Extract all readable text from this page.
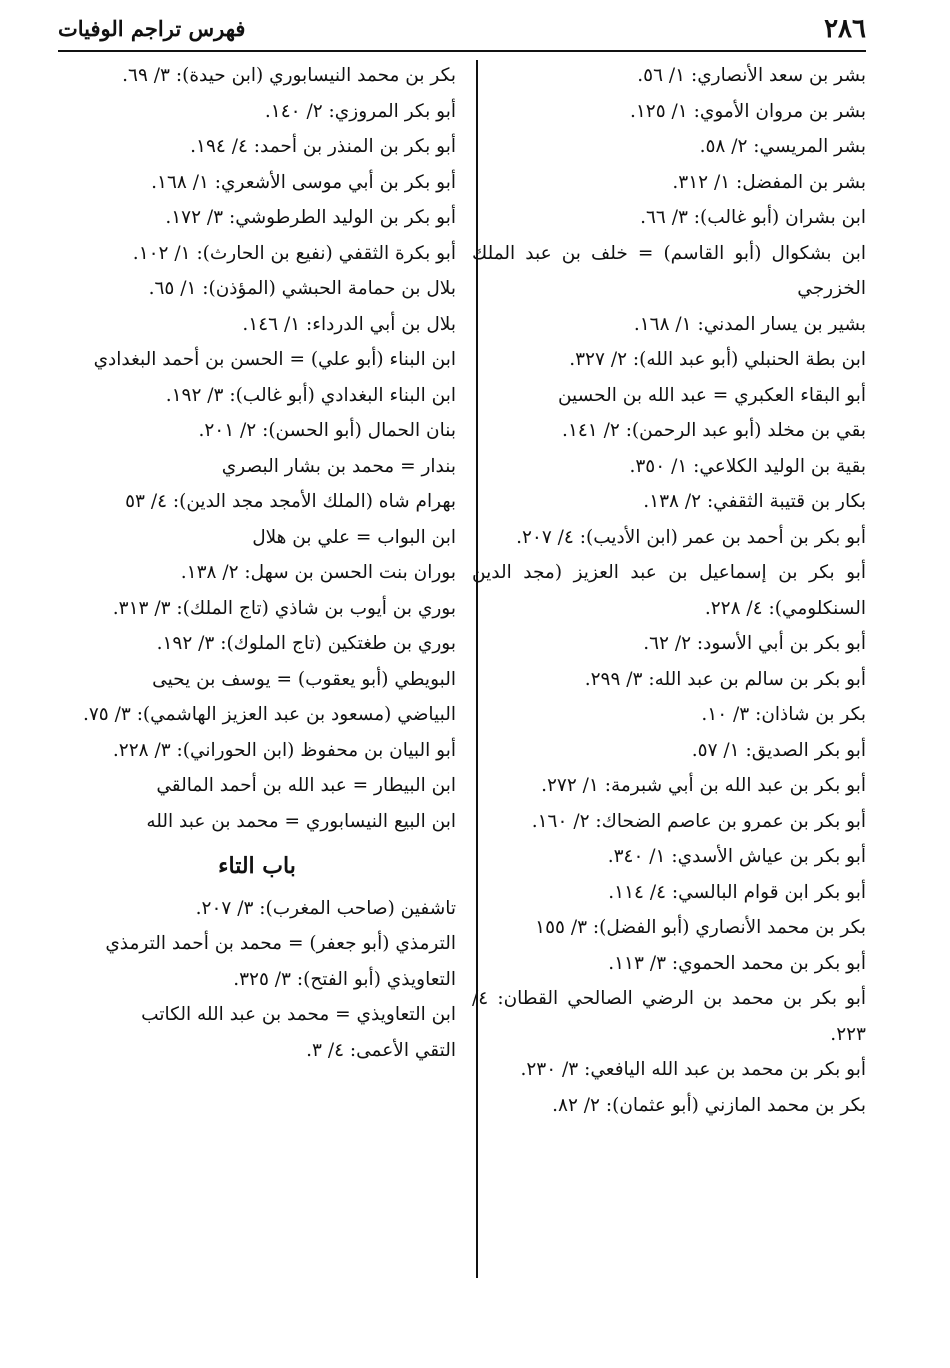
٢٨٦
فهرس تراجم الوفيات

بشر بن سعد الأنصاري: ١/ ٥٦.

بشر بن مروان الأموي: ١/ ١٢٥.

بشر المريسي: ٢/ ٥٨.

بشر بن المفضل: ١/ ٣١٢.

ابن بشران (أبو غالب): ٣/ ٦٦.

ابن بشكوال (أبو القاسم) = خلف بن عبد الملك الخزرجي

بشير بن يسار المدني: ١/ ١٦٨.

ابن بطة الحنبلي (أبو عبد الله): ٢/ ٣٢٧.

أبو البقاء العكبري = عبد الله بن الحسين

بقي بن مخلد (أبو عبد الرحمن): ٢/ ١٤١.

بقية بن الوليد الكلاعي: ١/ ٣٥٠.

بكار بن قتيبة الثقفي: ٢/ ١٣٨.

أبو بكر بن أحمد بن عمر (ابن الأديب): ٤/ ٢٠٧.

أبو بكر بن إسماعيل بن عبد العزيز (مجد الدين السنكلومي): ٤/ ٢٢٨.

أبو بكر بن أبي الأسود: ٢/ ٦٢.

أبو بكر بن سالم بن عبد الله: ٣/ ٢٩٩.

بكر بن شاذان: ٣/ ١٠.

أبو بكر الصديق: ١/ ٥٧.

أبو بكر بن عبد الله بن أبي شبرمة: ١/ ٢٧٢.

أبو بكر بن عمرو بن عاصم الضحاك: ٢/ ١٦٠.

أبو بكر بن عياش الأسدي: ١/ ٣٤٠.

أبو بكر ابن قوام البالسي: ٤/ ١١٤.

بكر بن محمد الأنصاري (أبو الفضل): ٣/ ١٥٥

أبو بكر بن محمد الحموي: ٣/ ١١٣.

أبو بكر بن محمد بن الرضي الصالحي القطان: ٤/ ٢٢٣.

أبو بكر بن محمد بن عبد الله اليافعي: ٣/ ٢٣٠.

بكر بن محمد المازني (أبو عثمان): ٢/ ٨٢.

بكر بن محمد النيسابوري (ابن حيدة): ٣/ ٦٩.

أبو بكر المروزي: ٢/ ١٤٠.

أبو بكر بن المنذر بن أحمد: ٤/ ١٩٤.

أبو بكر بن أبي موسى الأشعري: ١/ ١٦٨.

أبو بكر بن الوليد الطرطوشي: ٣/ ١٧٢.

أبو بكرة الثقفي (نفيع بن الحارث): ١/ ١٠٢.

بلال بن حمامة الحبشي (المؤذن): ١/ ٦٥.

بلال بن أبي الدرداء: ١/ ١٤٦.

ابن البناء (أبو علي) = الحسن بن أحمد البغدادي

ابن البناء البغدادي (أبو غالب): ٣/ ١٩٢.

بنان الحمال (أبو الحسن): ٢/ ٢٠١.

بندار = محمد بن بشار البصري

بهرام شاه (الملك الأمجد مجد الدين): ٤/ ٥٣

ابن البواب = علي بن هلال

بوران بنت الحسن بن سهل: ٢/ ١٣٨.

بوري بن أيوب بن شاذي (تاج الملك): ٣/ ٣١٣.

بوري بن طغتكين (تاج الملوك): ٣/ ١٩٢.

البويطي (أبو يعقوب) = يوسف بن يحيى

البياضي (مسعود بن عبد العزيز الهاشمي): ٣/ ٧٥.

أبو البيان بن محفوظ (ابن الحوراني): ٣/ ٢٢٨.

ابن البيطار = عبد الله بن أحمد المالقي

ابن البيع النيسابوري = محمد بن عبد الله

باب التاء

تاشفين (صاحب المغرب): ٣/ ٢٠٧.

الترمذي (أبو جعفر) = محمد بن أحمد الترمذي

التعاويذي (أبو الفتح): ٣/ ٣٢٥.

ابن التعاويذي = محمد بن عبد الله الكاتب

التقي الأعمى: ٤/ ٣.
